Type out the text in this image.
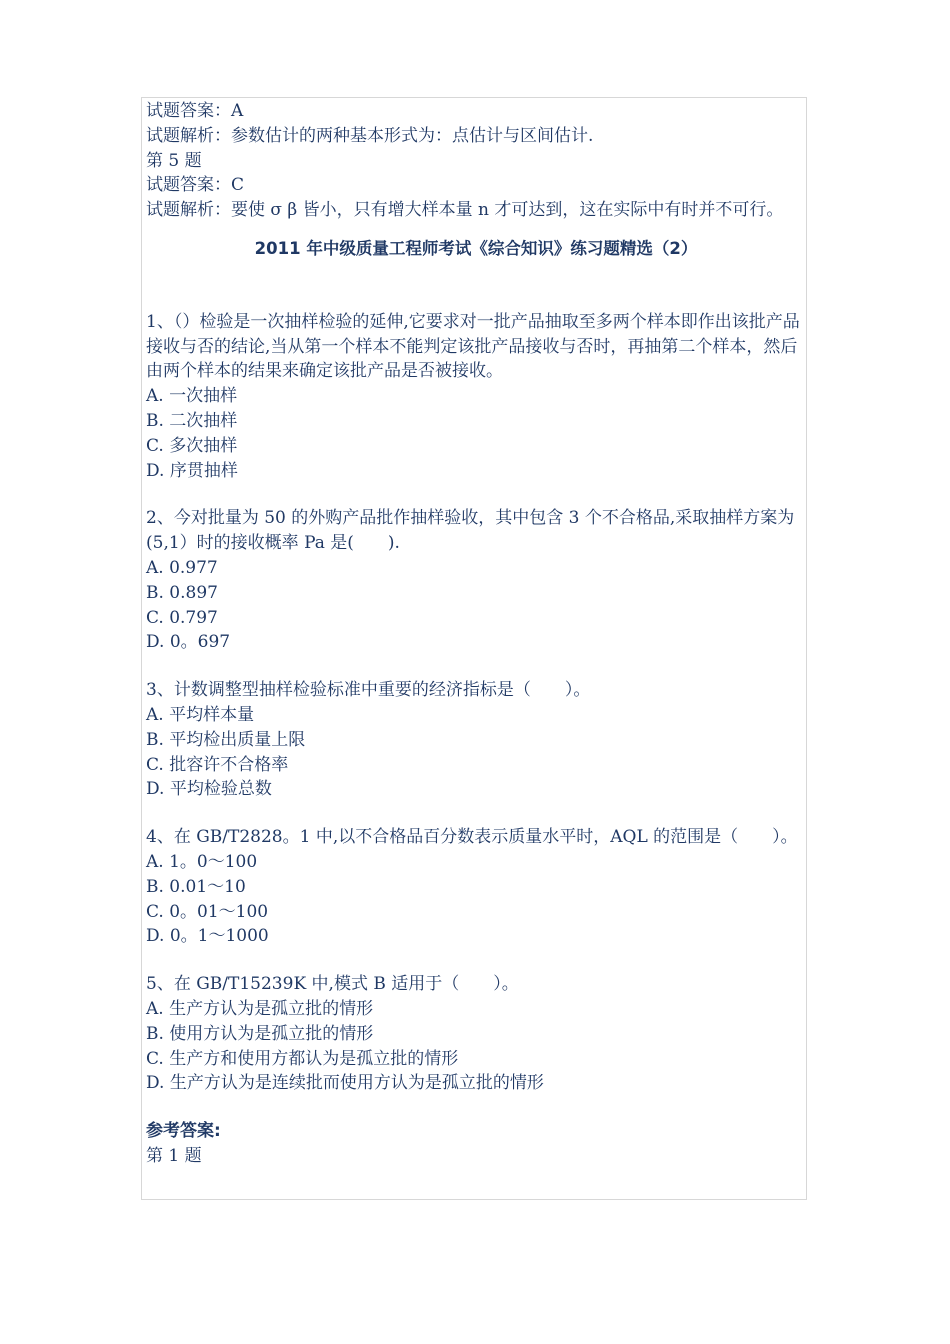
试题答案：A
试题解析：参数估计的两种基本形式为：点估计与区间估计.
第 5 题
试题答案：C
试题解析：要使 σ β 皆小，只有增大样本量 n 才可达到，这在实际中有时并不可行。
2011 年中级质量工程师考试《综合知识》练习题精选（2）
1、（）检验是一次抽样检验的延伸,它要求对一批产品抽取至多两个样本即作出该批产品接收与否的结论,当从第一个样本不能判定该批产品接收与否时，再抽第二个样本，然后由两个样本的结果来确定该批产品是否被接收。
A. 一次抽样
B. 二次抽样
C. 多次抽样
D. 序贯抽样
2、今对批量为 50 的外购产品批作抽样验收，其中包含 3 个不合格品,采取抽样方案为(5,1）时的接收概率 Pa 是(　　).
A. 0.977
B. 0.897
C. 0.797
D. 0。697
3、计数调整型抽样检验标准中重要的经济指标是（　　）。
A. 平均样本量
B. 平均检出质量上限
C. 批容许不合格率
D. 平均检验总数
4、在 GB/T2828。1 中,以不合格品百分数表示质量水平时，AQL 的范围是（　　）。
A. 1。0～100
B. 0.01～10
C. 0。01～100
D. 0。1～1000
5、在 GB/T15239K 中,模式 B 适用于（　　）。
A. 生产方认为是孤立批的情形
B. 使用方认为是孤立批的情形
C. 生产方和使用方都认为是孤立批的情形
D. 生产方认为是连续批而使用方认为是孤立批的情形
参考答案:
第 1 题
